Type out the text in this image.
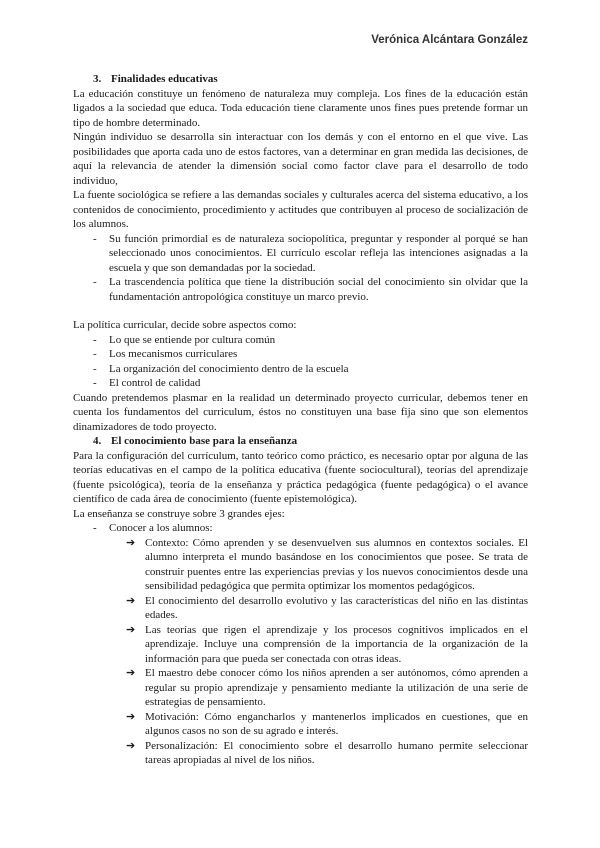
Verónica Alcántara González

3. Finalidades educativas

La educación constituye un fenómeno de naturaleza muy compleja. Los fines de la educación están ligados a la sociedad que educa. Toda educación tiene claramente unos fines pues pretende formar un tipo de hombre determinado.

Ningún individuo se desarrolla sin interactuar con los demás y con el entorno en el que vive. Las posibilidades que aporta cada uno de estos factores, van a determinar en gran medida las decisiones, de aquí la relevancia de atender la dimensión social como factor clave para el desarrollo de todo individuo,

La fuente sociológica se refiere a las demandas sociales y culturales acerca del sistema educativo, a los contenidos de conocimiento, procedimiento y actitudes que contribuyen al proceso de socialización de los alumnos.

- Su función primordial es de naturaleza sociopolítica, preguntar y responder al porqué se han seleccionado unos conocimientos. El currículo escolar refleja las intenciones asignadas a la escuela y que son demandadas por la sociedad.
- La trascendencia política que tiene la distribución social del conocimiento sin olvidar que la fundamentación antropológica constituye un marco previo.

La política curricular, decide sobre aspectos como:

- Lo que se entiende por cultura común
- Los mecanismos curriculares
- La organización del conocimiento dentro de la escuela
- El control de calidad

Cuando pretendemos plasmar en la realidad un determinado proyecto curricular, debemos tener en cuenta los fundamentos del curriculum, éstos no constituyen una base fija sino que son elementos dinamizadores de todo proyecto.

4. El conocimiento base para la enseñanza

Para la configuración del currículum, tanto teórico como práctico, es necesario optar por alguna de las teorías educativas en el campo de la política educativa (fuente sociocultural), teorías del aprendizaje (fuente psicológica), teoría de la enseñanza y práctica pedagógica (fuente pedagógica) o el avance científico de cada área de conocimiento (fuente epistemológica).

La enseñanza se construye sobre 3 grandes ejes:

- Conocer a los alumnos:
➔ Contexto: Cómo aprenden y se desenvuelven sus alumnos en contextos sociales. El alumno interpreta el mundo basándose en los conocimientos que posee. Se trata de construir puentes entre las experiencias previas y los nuevos conocimientos desde una sensibilidad pedagógica que permita optimizar los momentos pedagógicos.
➔ El conocimiento del desarrollo evolutivo y las características del niño en las distintas edades.
➔ Las teorías que rigen el aprendizaje y los procesos cognitivos implicados en el aprendizaje. Incluye una comprensión de la importancia de la organización de la información para que pueda ser conectada con otras ideas.
➔ El maestro debe conocer cómo los niños aprenden a ser autónomos, cómo aprenden a regular su propio aprendizaje y pensamiento mediante la utilización de una serie de estrategias de pensamiento.
➔ Motivación: Cómo engancharlos y mantenerlos implicados en cuestiones, que en algunos casos no son de su agrado e interés.
➔ Personalización: El conocimiento sobre el desarrollo humano permite seleccionar tareas apropiadas al nivel de los niños.
